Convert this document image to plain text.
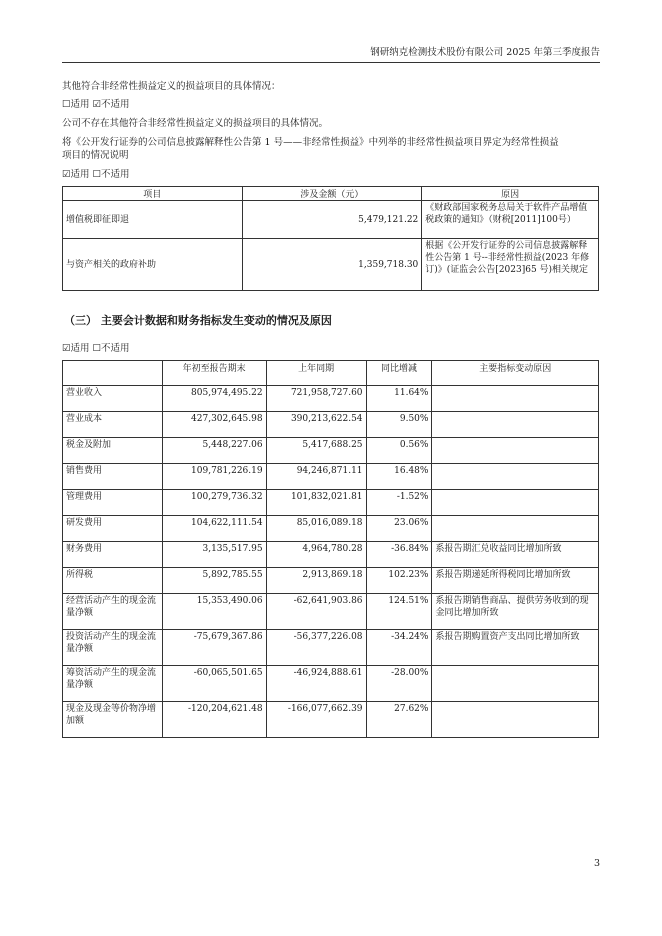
钢研纳克检测技术股份有限公司 2025 年第三季度报告
其他符合非经常性损益定义的损益项目的具体情况：
☐适用 ☑不适用
公司不存在其他符合非经常性损益定义的损益项目的具体情况。
将《公开发行证券的公司信息披露解释性公告第 1 号——非经常性损益》中列举的非经常性损益项目界定为经常性损益
项目的情况说明
☑适用 ☐不适用
项目	涉及金额（元）	原因
增值税即征即退	5,479,121.22	《财政部国家税务总局关于软件产品增值税政策的通知》（财税[2011]100号）
与资产相关的政府补助	1,359,718.30	根据《公开发行证券的公司信息披露解释性公告第 1 号--非经常性损益(2023 年修订)》(证监会公告[2023]65 号)相关规定
（三） 主要会计数据和财务指标发生变动的情况及原因
☑适用 ☐不适用
	年初至报告期末	上年同期	同比增减	主要指标变动原因
营业收入	805,974,495.22	721,958,727.60	11.64%	
营业成本	427,302,645.98	390,213,622.54	9.50%	
税金及附加	5,448,227.06	5,417,688.25	0.56%	
销售费用	109,781,226.19	94,246,871.11	16.48%	
管理费用	100,279,736.32	101,832,021.81	-1.52%	
研发费用	104,622,111.54	85,016,089.18	23.06%	
财务费用	3,135,517.95	4,964,780.28	-36.84%	系报告期汇兑收益同比增加所致
所得税	5,892,785.55	2,913,869.18	102.23%	系报告期递延所得税同比增加所致
经营活动产生的现金流量净额	15,353,490.06	-62,641,903.86	124.51%	系报告期销售商品、提供劳务收到的现金同比增加所致
投资活动产生的现金流量净额	-75,679,367.86	-56,377,226.08	-34.24%	系报告期购置资产支出同比增加所致
筹资活动产生的现金流量净额	-60,065,501.65	-46,924,888.61	-28.00%	
现金及现金等价物净增加额	-120,204,621.48	-166,077,662.39	27.62%	
3
